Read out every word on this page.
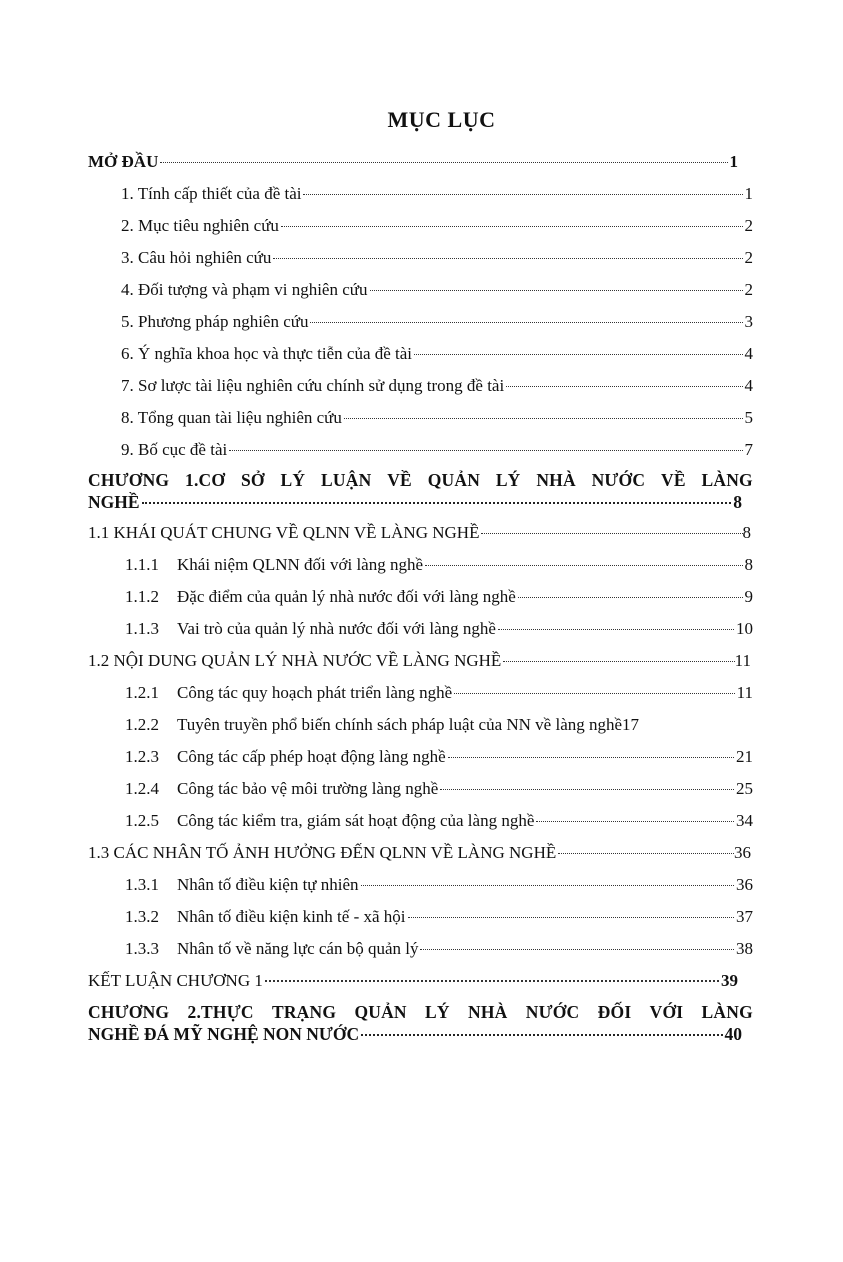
MỤC LỤC
MỞ ĐẦU	1
1. Tính cấp thiết của đề tài	1
2. Mục tiêu nghiên cứu	2
3. Câu hỏi nghiên cứu	2
4. Đối tượng và phạm vi nghiên cứu	2
5. Phương pháp nghiên cứu	3
6. Ý nghĩa khoa học và thực tiễn của đề tài	4
7. Sơ lược tài liệu nghiên cứu chính sử dụng trong đề tài	4
8. Tổng quan tài liệu nghiên cứu	5
9. Bố cục đề tài	7
CHƯƠNG 1.CƠ SỞ LÝ LUẬN VỀ QUẢN LÝ NHÀ NƯỚC VỀ LÀNG
NGHỀ	8
1.1 KHÁI QUÁT CHUNG VỀ QLNN VỀ LÀNG NGHỀ	8
1.1.1	Khái niệm QLNN đối với làng nghề	8
1.1.2	Đặc điểm của quản lý nhà nước đối với làng nghề	9
1.1.3	Vai trò của quản lý nhà nước đối với làng nghề	10
1.2 NỘI DUNG QUẢN LÝ NHÀ NƯỚC VỀ LÀNG NGHỀ	11
1.2.1	Công tác quy hoạch phát triển làng nghề	11
1.2.2	Tuyên truyền phổ biến chính sách pháp luật của NN về làng nghề 17
1.2.3	Công tác cấp phép hoạt động làng nghề	21
1.2.4	Công tác bảo vệ môi trường làng nghề	25
1.2.5	Công tác kiểm tra, giám sát hoạt động của làng nghề	34
1.3 CÁC NHÂN TỐ ẢNH HƯỞNG ĐẾN QLNN VỀ LÀNG NGHỀ	36
1.3.1	Nhân tố điều kiện tự nhiên	36
1.3.2	Nhân tố điều kiện kinh tế - xã hội	37
1.3.3	Nhân tố về năng lực cán bộ quản lý	38
KẾT LUẬN CHƯƠNG 1	39
CHƯƠNG 2.THỰC TRẠNG QUẢN LÝ NHÀ NƯỚC ĐỐI VỚI LÀNG
NGHỀ ĐÁ MỸ NGHỆ NON NƯỚC	40
